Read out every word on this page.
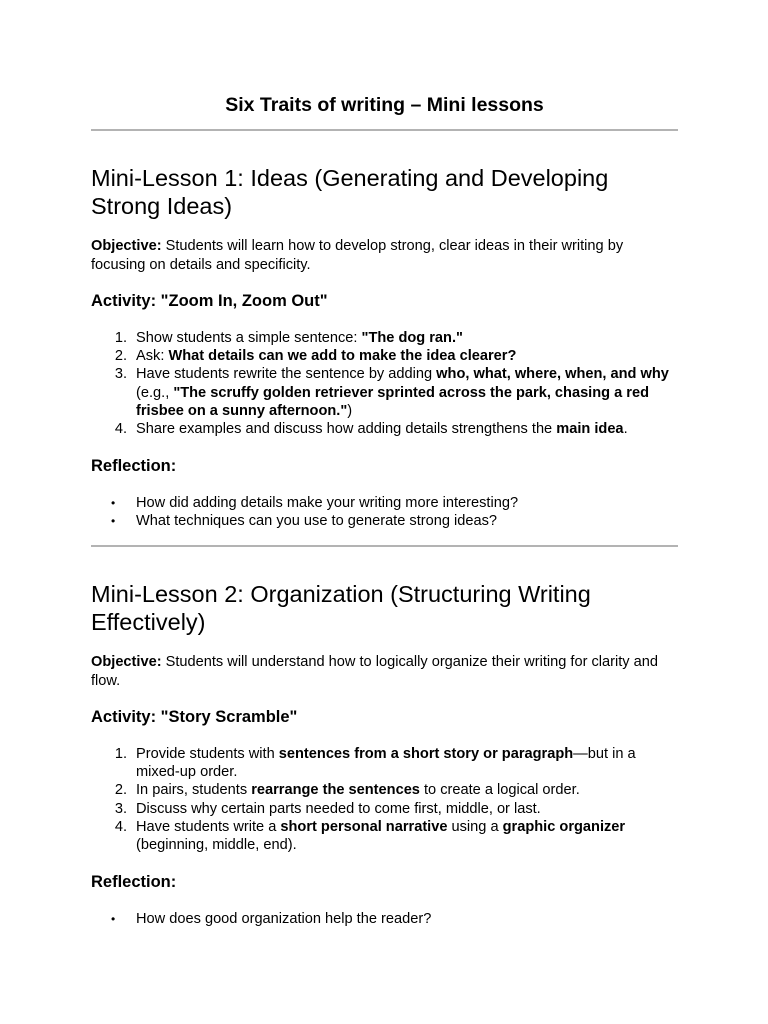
Six Traits of writing – Mini lessons
Mini-Lesson 1: Ideas (Generating and Developing Strong Ideas)

Objective: Students will learn how to develop strong, clear ideas in their writing by focusing on details and specificity.

Activity: "Zoom In, Zoom Out"
1. Show students a simple sentence: "The dog ran."
2. Ask: What details can we add to make the idea clearer?
3. Have students rewrite the sentence by adding who, what, where, when, and why (e.g., "The scruffy golden retriever sprinted across the park, chasing a red frisbee on a sunny afternoon.")
4. Share examples and discuss how adding details strengthens the main idea.
Reflection:
• How did adding details make your writing more interesting?
• What techniques can you use to generate strong ideas?
Mini-Lesson 2: Organization (Structuring Writing Effectively)

Objective: Students will understand how to logically organize their writing for clarity and flow.

Activity: "Story Scramble"
1. Provide students with sentences from a short story or paragraph—but in a mixed-up order.
2. In pairs, students rearrange the sentences to create a logical order.
3. Discuss why certain parts needed to come first, middle, or last.
4. Have students write a short personal narrative using a graphic organizer (beginning, middle, end).
Reflection:
• How does good organization help the reader?
